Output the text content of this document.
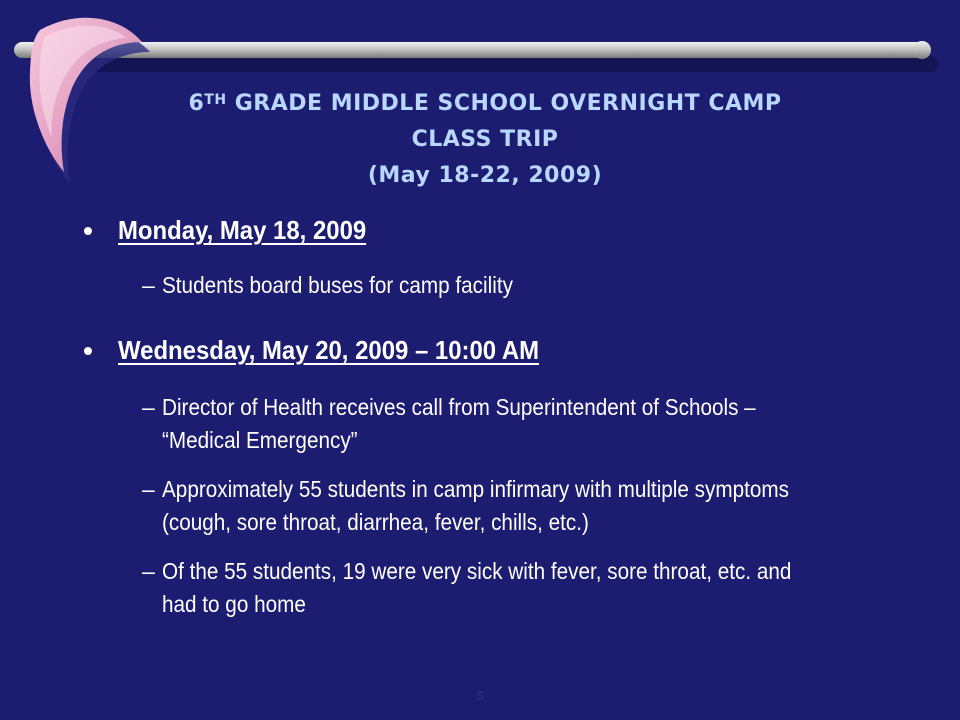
6TH GRADE MIDDLE SCHOOL OVERNIGHT CAMP
CLASS TRIP
(May 18-22, 2009)
Monday, May 18, 2009
– Students board buses for camp facility
Wednesday, May 20, 2009 – 10:00 AM
– Director of Health receives call from Superintendent of Schools – “Medical Emergency”
– Approximately 55 students in camp infirmary with multiple symptoms (cough, sore throat, diarrhea, fever, chills, etc.)
– Of the 55 students, 19 were very sick with fever, sore throat, etc. and had to go home
5
